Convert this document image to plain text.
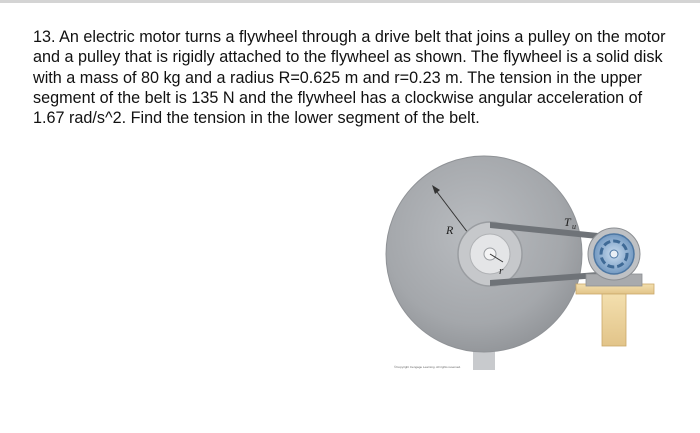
13. An electric motor turns a flywheel through a drive belt that joins a pulley on the motor and a pulley that is rigidly attached to the flywheel as shown. The flywheel is a solid disk with a mass of 80 kg and a radius R=0.625 m and r=0.23 m. The tension in the upper segment of the belt is 135 N and the flywheel has a clockwise angular acceleration of 1.67 rad/s^2. Find the tension in the lower segment of the belt.

R
r
T u
©Copyright Cengage Learning. All rights reserved.
